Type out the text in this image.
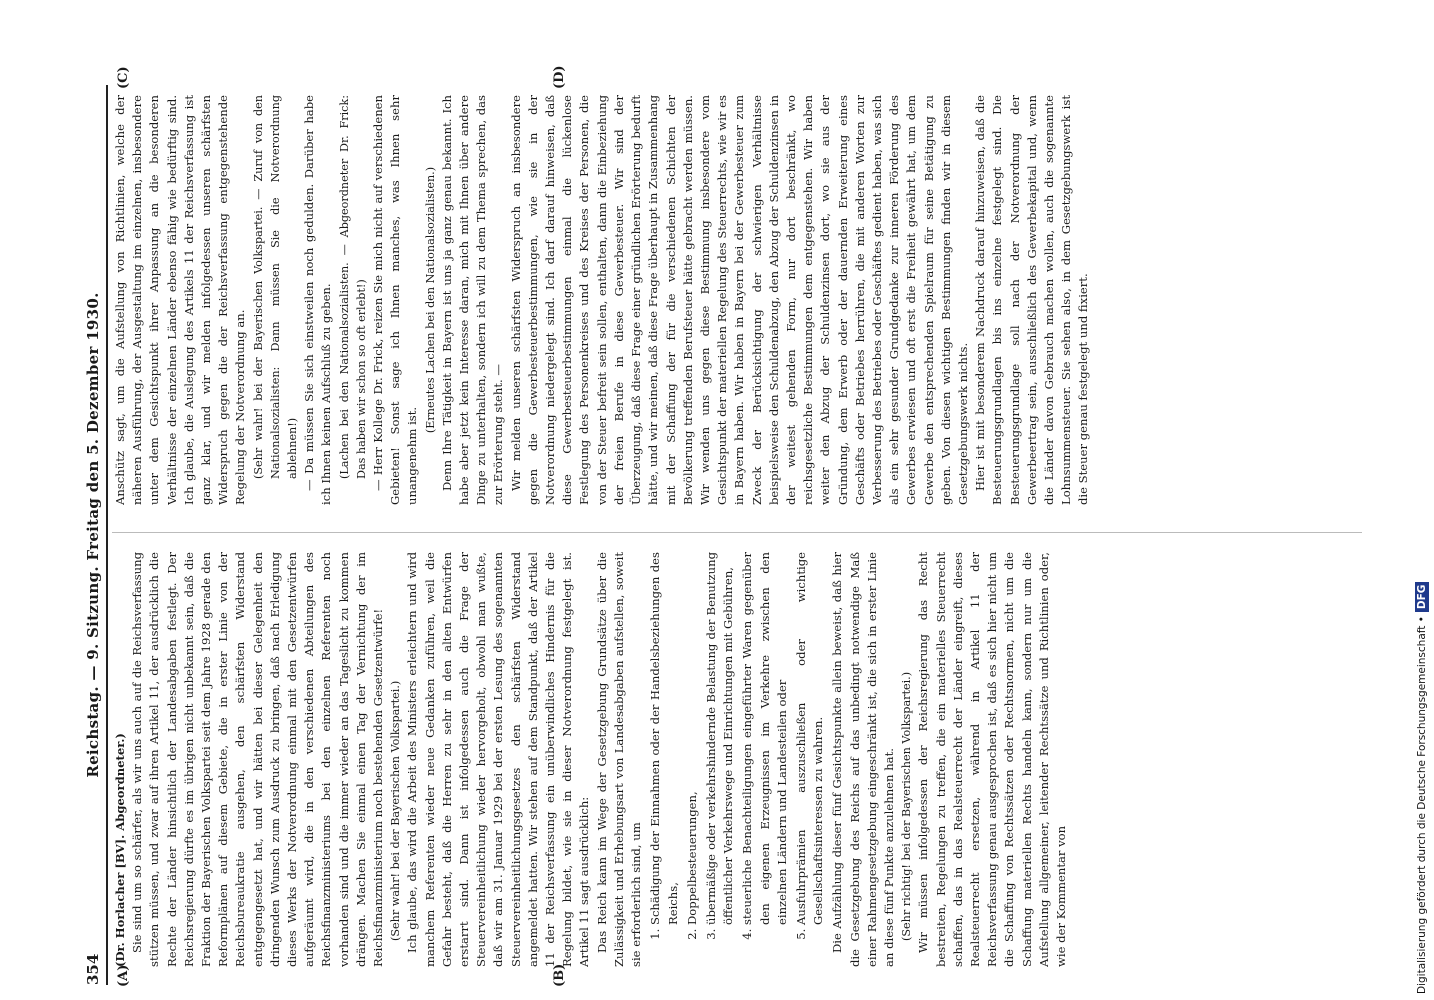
354
Reichstag. — 9. Sitzung. Freitag den 5. Dezember 1930.
(A)	(B)
(C)	(D)

(Dr. Horlacher [BV]. Abgeordneter.) Sie sind um so schärfer, als wir uns auch auf die Reichsverfassung stützen müssen, und zwar auf ihren Artikel 11, der ausdrücklich die Rechte der Länder hinsichtlich der Landesabgaben festlegt. Der Reichsregierung dürfte es im übrigen nicht unbekannt sein, daß die Fraktion der Bayerischen Volkspartei seit dem Jahre 1928 gerade den Reformplänen auf diesem Gebiete, die in erster Linie von der Reichsbureaukratie ausgehen, den schärfsten Widerstand entgegengesetzt hat, und wir hätten bei dieser Gelegenheit den dringenden Wunsch zum Ausdruck zu bringen, daß nach Erledigung dieses Werks der Notverordnung einmal mit den Gesetzentwürfen aufgeräumt wird, die in den verschiedenen Abteilungen des Reichsfinanzministeriums bei den einzelnen Referenten noch vorhanden sind und die immer wieder an das Tageslicht zu kommen drängen. Machen Sie einmal einen Tag der Vernichtung der im Reichsfinanzministerium noch bestehenden Gesetzentwürfe! (Sehr wahr! bei der Bayerischen Volkspartei.) Ich glaube, das wird die Arbeit des Ministers erleichtern und wird manchem Referenten wieder neue Gedanken zuführen, weil die Gefahr besteht, daß die Herren zu sehr in den alten Entwürfen erstarrt sind. Dann ist infolgedessen auch die Frage der Steuervereinheitlichung wieder hervorgeholt, obwohl man wußte, daß wir am 31. Januar 1929 bei der ersten Lesung des sogenannten Steuervereinheitlichungsgesetzes den schärfsten Widerstand angemeldet hatten. Wir stehen auf dem Standpunkt, daß der Artikel 11 der Reichsverfassung ein unüberwindliches Hindernis für die Regelung bildet, wie sie in dieser Notverordnung festgelegt ist. Artikel 11 sagt ausdrücklich: Das Reich kann im Wege der Gesetzgebung Grundsätze über die Zulässigkeit und Erhebungsart von Landesabgaben aufstellen, soweit sie erforderlich sind, um 1. Schädigung der Einnahmen oder der Handelsbeziehungen des Reichs, 2. Doppelbesteuerungen, 3. übermäßige oder verkehrshindernde Belastung der Benutzung öffentlicher Verkehrswege und Einrichtungen mit Gebühren, 4. steuerliche Benachteiligungen eingeführter Waren gegenüber den eigenen Erzeugnissen im Verkehre zwischen den einzelnen Ländern und Landesteilen oder 5. Ausfuhrprämien auszuschließen oder wichtige Gesellschaftsinteressen zu wahren. Die Aufzählung dieser fünf Gesichtspunkte allein beweist, daß hier die Gesetzgebung des Reichs auf das unbedingt notwendige Maß einer Rahmengesetzgebung eingeschränkt ist, die sich in erster Linie an diese fünf Punkte anzulehnen hat. (Sehr richtig! bei der Bayerischen Volkspartei.) Wir müssen infolgedessen der Reichsregierung das Recht bestreiten, Regelungen zu treffen, die ein materielles Steuerrecht schaffen, das in das Realsteuerrecht der Länder eingreift, dieses Realsteuerrecht ersetzen, während in Artikel 11 der Reichsverfassung genau ausgesprochen ist, daß es sich hier nicht um die Schaffung von Rechtssätzen oder Rechtsnormen, nicht um die Schaffung materiellen Rechts handeln kann, sondern nur um die Aufstellung allgemeiner, leitender Rechtssätze und Richtlinien oder, wie der Kommentar von

Anschütz sagt, um die Aufstellung von Richtlinien, welche der näheren Ausführung, der Ausgestaltung im einzelnen, insbesondere unter dem Gesichtspunkt ihrer Anpassung an die besonderen Verhältnisse der einzelnen Länder ebenso fähig wie bedürftig sind. Ich glaube, die Auslegung des Artikels 11 der Reichsverfassung ist ganz klar, und wir melden infolgedessen unseren schärfsten Widerspruch gegen die der Reichsverfassung entgegenstehende Regelung der Notverordnung an. (Sehr wahr! bei der Bayerischen Volkspartei. — Zuruf von den Nationalsozialisten: Dann müssen Sie die Notverordnung ablehnen!) — Da müssen Sie sich einstweilen noch gedulden. Darüber habe ich Ihnen keinen Aufschluß zu geben. (Lachen bei den Nationalsozialisten. — Abgeordneter Dr. Frick: Das haben wir schon so oft erlebt!) — Herr Kollege Dr. Frick, reizen Sie mich nicht auf verschiedenen Gebieten! Sonst sage ich Ihnen manches, was Ihnen sehr unangenehm ist.

(Erneutes Lachen bei den Nationalsozialisten.) Denn Ihre Tätigkeit in Bayern ist uns ja ganz genau bekannt. Ich habe aber jetzt kein Interesse daran, mich mit Ihnen über andere Dinge zu unterhalten, sondern ich will zu dem Thema sprechen, das zur Erörterung steht. — Wir melden unseren schärfsten Widerspruch an insbesondere gegen die Gewerbesteuerbestimmungen, wie sie in der Notverordnung niedergelegt sind. Ich darf darauf hinweisen, daß diese Gewerbesteuerbestimmungen einmal die lückenlose Festlegung des Personenkreises und des Kreises der Personen, die von der Steuer befreit sein sollen, enthalten, dann die Einbeziehung der freien Berufe in diese Gewerbesteuer. Wir sind der Überzeugung, daß diese Frage einer gründlichen Erörterung bedurft hätte, und wir meinen, daß diese Frage überhaupt in Zusammenhang mit der Schaffung der für die verschiedenen Schichten der Bevölkerung treffenden Berufsteuer hätte gebracht werden müssen. Wir wenden uns gegen diese Bestimmung insbesondere vom Gesichtspunkt der materiellen Regelung des Steuerrechts, wie wir es in Bayern haben. Wir haben in Bayern bei der Gewerbesteuer zum Zweck der Berücksichtigung der schwierigen Verhältnisse beispielsweise den Schuldenabzug, den Abzug der Schuldenzinsen in der weitest gehenden Form, nur dort beschränkt, wo reichsgesetzliche Bestimmungen dem entgegenstehen. Wir haben weiter den Abzug der Schuldenzinsen dort, wo sie aus der Gründung, dem Erwerb oder der dauernden Erweiterung eines Geschäfts oder Betriebes herrühren, die mit anderen Worten zur Verbesserung des Betriebes oder Geschäftes gedient haben, was sich als ein sehr gesunder Grundgedanke zur inneren Förderung des Gewerbes erwiesen und oft erst die Freiheit gewährt hat, um dem Gewerbe den entsprechenden Spielraum für seine Betätigung zu geben. Von diesen wichtigen Bestimmungen finden wir in diesem Gesetzgebungswerk nichts. Hier ist mit besonderem Nachdruck darauf hinzuweisen, daß die Besteuerungsgrundlagen bis ins einzelne festgelegt sind. Die Besteuerungsgrundlage soll nach der Notverordnung der Gewerbeertrag sein, ausschließlich des Gewerbekapital und, wenn die Länder davon Gebrauch machen wollen, auch die sogenannte Lohnsummensteuer. Sie sehen also, in dem Gesetzgebungswerk ist die Steuer genau festgelegt und fixiert.

Digitalisierung gefördert durch die Deutsche Forschungsgemeinschaft •DFG
